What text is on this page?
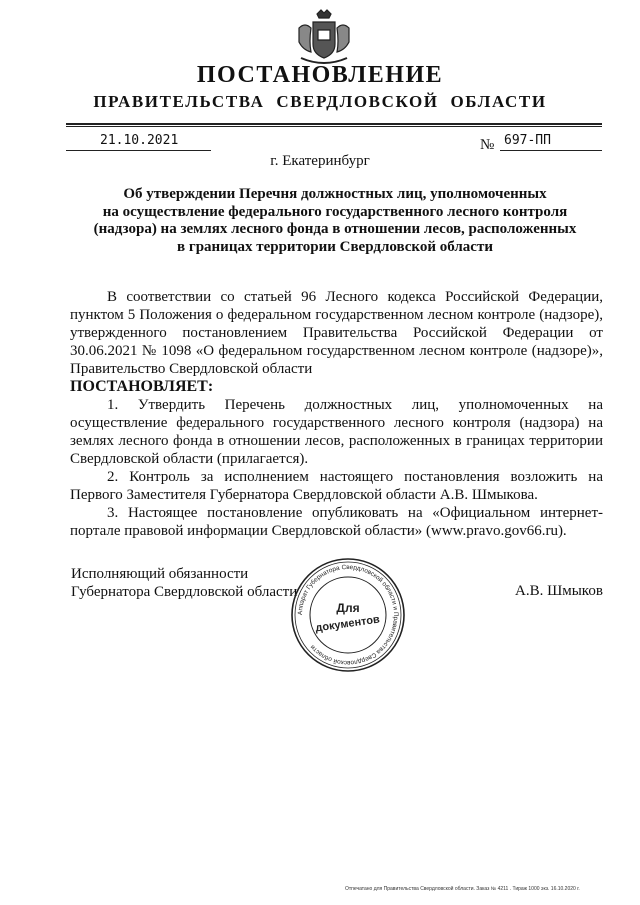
ПОСТАНОВЛЕНИЕ
ПРАВИТЕЛЬСТВА СВЕРДЛОВСКОЙ ОБЛАСТИ
21.10.2021	№ 697-ПП
г. Екатеринбург
Об утверждении Перечня должностных лиц, уполномоченных
на осуществление федерального государственного лесного контроля
(надзора) на землях лесного фонда в отношении лесов, расположенных
в границах территории Свердловской области

В соответствии со статьей 96 Лесного кодекса Российской Федерации, пунктом 5 Положения о федеральном государственном лесном контроле (надзоре), утвержденного постановлением Правительства Российской Федерации от 30.06.2021 № 1098 «О федеральном государственном лесном контроле (надзоре)», Правительство Свердловской области

ПОСТАНОВЛЯЕТ:

1. Утвердить Перечень должностных лиц, уполномоченных на осуществление федерального государственного лесного контроля (надзора) на землях лесного фонда в отношении лесов, расположенных в границах территории Свердловской области (прилагается).

2. Контроль за исполнением настоящего постановления возложить на Первого Заместителя Губернатора Свердловской области А.В. Шмыкова.

3. Настоящее постановление опубликовать на «Официальном интернет-портале правовой информации Свердловской области» (www.pravo.gov66.ru).

Исполняющий обязанности
Губернатора Свердловской области	А.В. Шмыков
Аппарат Губернатора Свердловской области и Правительства Свердловской области
Для
документов
Отпечатано для Правительства Свердловской области. Заказ № 4211 . Тираж 1000 экз. 16.10.2020 г.
